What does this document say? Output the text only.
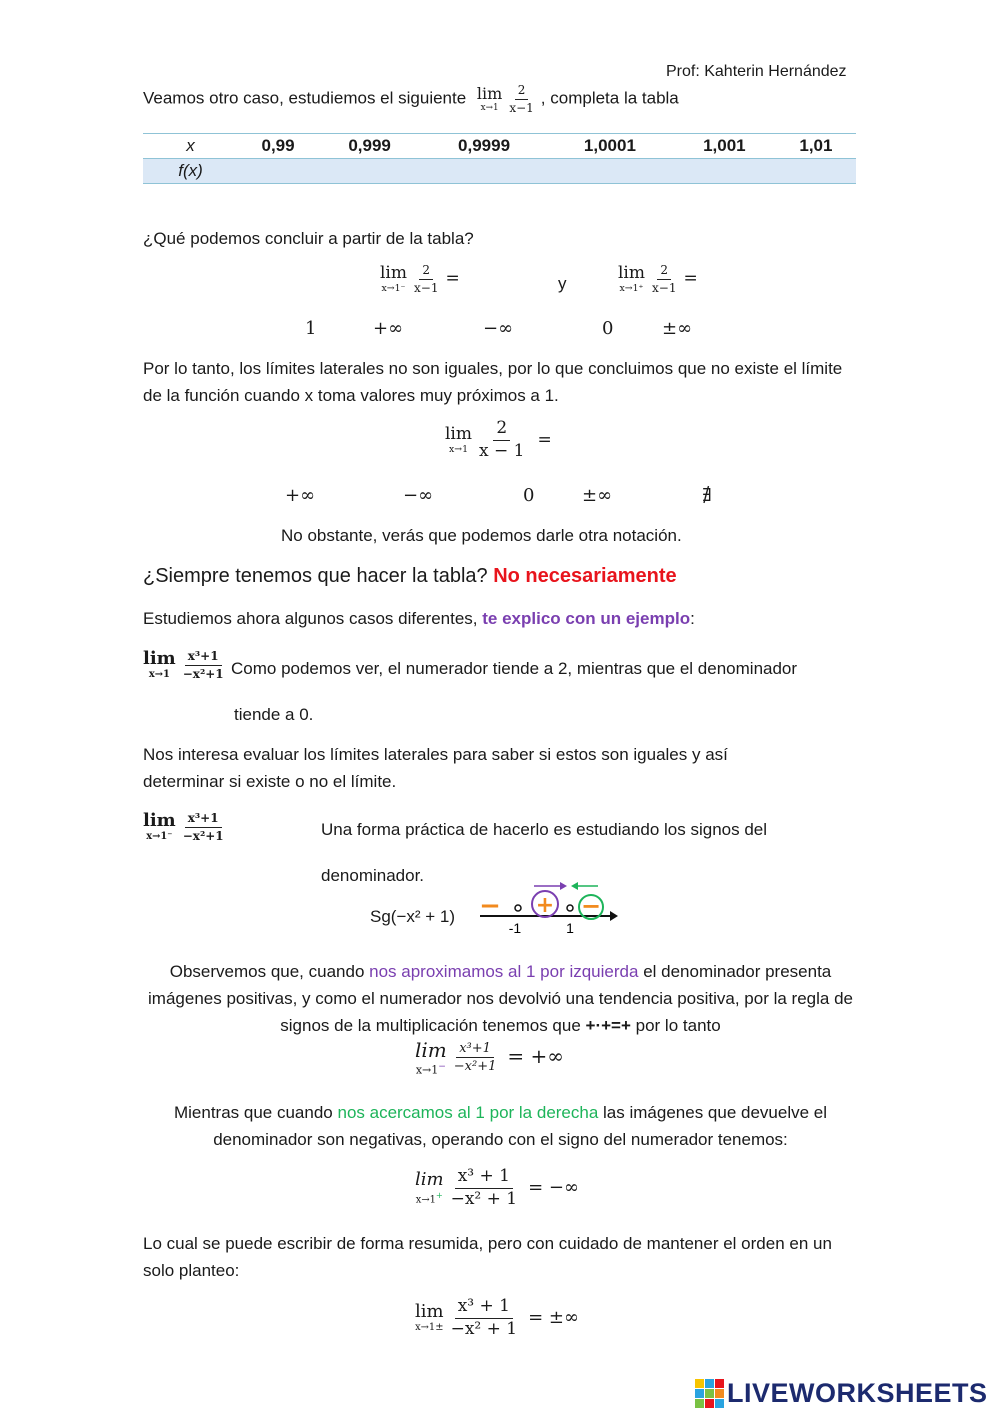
Prof: Kahterin Hernández
Veamos otro caso, estudiemos el siguiente lim
$x\to 1 \frac{2}{x-1}$ , completa la tabla
x	0,99	0,999	0,9999	1,0001	1,001	1,01
f(x)						
¿Qué podemos concluir a partir de la tabla?
lim
$x\to 1^- \frac{2}{x-1}$ =	y
lim
$x\to 1^+ \frac{2}{x-1}$ =
1	+∞	−∞	0	±∞
Por lo tanto, los límites laterales no son iguales, por lo que concluimos que no existe el límite de la función cuando x toma valores muy próximos a 1.
lim
$x\to 1 \frac{2}{x - 1}$ =
+∞	−∞	0	±∞	∄
No obstante, verás que podemos darle otra notación.
¿Siempre tenemos que hacer la tabla? No necesariamente
Estudiemos ahora algunos casos diferentes, te explico con un ejemplo:
lim
$x\to 1 \frac{\text{x³+1}}{\text{−x²+1}}$ Como podemos ver, el numerador tiende a 2, mientras que el denominador
tiende a 0.
Nos interesa evaluar los límites laterales para saber si estos son iguales y así determinar si existe o no el límite.
lim
$x\to 1^- \frac{\text{x³+1}}{\text{−x²+1}}$	Una forma práctica de hacerlo es estudiando los signos del
denominador.
Sg(−x² + 1) − + −
-1	1
Observemos que, cuando nos aproximamos al 1 por izquierda el denominador presenta imágenes positivas, y como el numerador nos devolvió una tendencia positiva, por la regla de signos de la multiplicación tenemos que +·+=+ por lo tanto
lim
$x\to 1^- \frac{\text{x³+1}}{\text{−x²+1}}$ = +∞
Mientras que cuando nos acercamos al 1 por la derecha las imágenes que devuelve el denominador son negativas, operando con el signo del numerador tenemos:
lim
$x\to 1^+ \frac{\text{x³ + 1}}{\text{−x² + 1}}$ = −∞
Lo cual se puede escribir de forma resumida, pero con cuidado de mantener el orden en un solo planteo:
lim
$x\to 1\pm \frac{\text{x³ + 1}}{\text{−x² + 1}}$ = ±∞
LIVEWORKSHEETS
